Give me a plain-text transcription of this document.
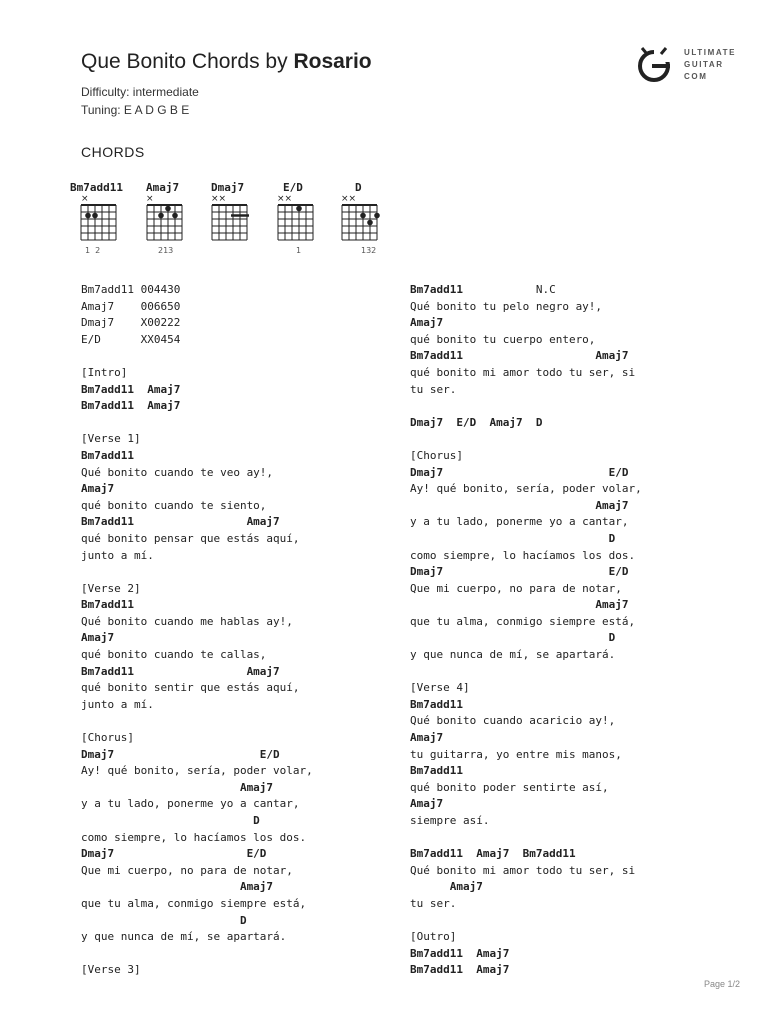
Que Bonito Chords by Rosario
Difficulty: intermediate
Tuning: E A D G B E
ULTIMATE
GUITAR
COM
CHORDS
Bm7add11
×
1  2
Amaj7
×
213
Dmaj7
××
E/D
××
1
D
××
132
Bm7add11 004430
Amaj7    006650
Dmaj7    X00222
E/D      XX0454
[Intro]
Bm7add11  Amaj7
Bm7add11  Amaj7
[Verse 1]
Bm7add11
Qué bonito cuando te veo ay!,
Amaj7
qué bonito cuando te siento,
Bm7add11                 Amaj7
qué bonito pensar que estás aquí,
junto a mí.
[Verse 2]
Bm7add11
Qué bonito cuando me hablas ay!,
Amaj7
qué bonito cuando te callas,
Bm7add11                 Amaj7
qué bonito sentir que estás aquí,
junto a mí.
[Chorus]
Dmaj7                      E/D
Ay! qué bonito, sería, poder volar,
Amaj7
y a tu lado, ponerme yo a cantar,
D
como siempre, lo hacíamos los dos.
Dmaj7                    E/D
Que mi cuerpo, no para de notar,
Amaj7
que tu alma, conmigo siempre está,
D
y que nunca de mí, se apartará.
[Verse 3]
Bm7add11           N.C
Qué bonito tu pelo negro ay!,
Amaj7
qué bonito tu cuerpo entero,
Bm7add11                    Amaj7
qué bonito mi amor todo tu ser, si
tu ser.
Dmaj7  E/D  Amaj7  D
[Chorus]
Dmaj7                         E/D
Ay! qué bonito, sería, poder volar,
Amaj7
y a tu lado, ponerme yo a cantar,
D
como siempre, lo hacíamos los dos.
Dmaj7                         E/D
Que mi cuerpo, no para de notar,
Amaj7
que tu alma, conmigo siempre está,
D
y que nunca de mí, se apartará.
[Verse 4]
Bm7add11
Qué bonito cuando acaricio ay!,
Amaj7
tu guitarra, yo entre mis manos,
Bm7add11
qué bonito poder sentirte así,
Amaj7
siempre así.
Bm7add11  Amaj7  Bm7add11
Qué bonito mi amor todo tu ser, si
Amaj7
tu ser.
[Outro]
Bm7add11  Amaj7
Bm7add11  Amaj7
Page 1/2
